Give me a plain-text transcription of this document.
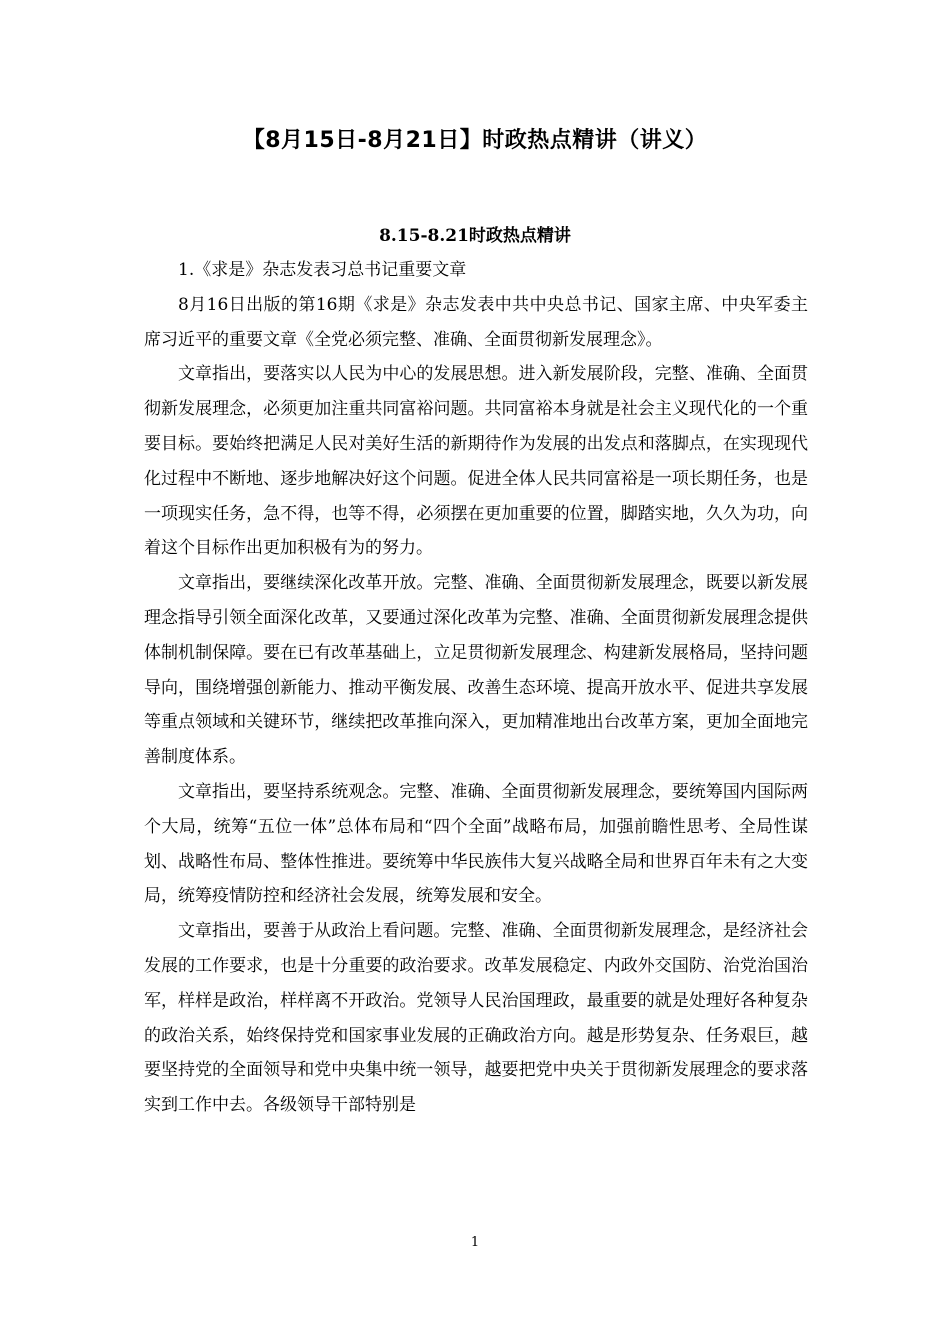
【8月15日-8月21日】时政热点精讲（讲义）
8.15-8.21时政热点精讲

1.《求是》杂志发表习总书记重要文章

8月16日出版的第16期《求是》杂志发表中共中央总书记、国家主席、中央军委主席习近平的重要文章《全党必须完整、准确、全面贯彻新发展理念》。

文章指出，要落实以人民为中心的发展思想。进入新发展阶段，完整、准确、全面贯彻新发展理念，必须更加注重共同富裕问题。共同富裕本身就是社会主义现代化的一个重要目标。要始终把满足人民对美好生活的新期待作为发展的出发点和落脚点，在实现现代化过程中不断地、逐步地解决好这个问题。促进全体人民共同富裕是一项长期任务，也是一项现实任务，急不得，也等不得，必须摆在更加重要的位置，脚踏实地，久久为功，向着这个目标作出更加积极有为的努力。

文章指出，要继续深化改革开放。完整、准确、全面贯彻新发展理念，既要以新发展理念指导引领全面深化改革，又要通过深化改革为完整、准确、全面贯彻新发展理念提供体制机制保障。要在已有改革基础上，立足贯彻新发展理念、构建新发展格局，坚持问题导向，围绕增强创新能力、推动平衡发展、改善生态环境、提高开放水平、促进共享发展等重点领域和关键环节，继续把改革推向深入，更加精准地出台改革方案，更加全面地完善制度体系。

文章指出，要坚持系统观念。完整、准确、全面贯彻新发展理念，要统筹国内国际两个大局，统筹“五位一体”总体布局和“四个全面”战略布局，加强前瞻性思考、全局性谋划、战略性布局、整体性推进。要统筹中华民族伟大复兴战略全局和世界百年未有之大变局，统筹疫情防控和经济社会发展，统筹发展和安全。

文章指出，要善于从政治上看问题。完整、准确、全面贯彻新发展理念，是经济社会发展的工作要求，也是十分重要的政治要求。改革发展稳定、内政外交国防、治党治国治军，样样是政治，样样离不开政治。党领导人民治国理政，最重要的就是处理好各种复杂的政治关系，始终保持党和国家事业发展的正确政治方向。越是形势复杂、任务艰巨，越要坚持党的全面领导和党中央集中统一领导，越要把党中央关于贯彻新发展理念的要求落实到工作中去。各级领导干部特别是

1
